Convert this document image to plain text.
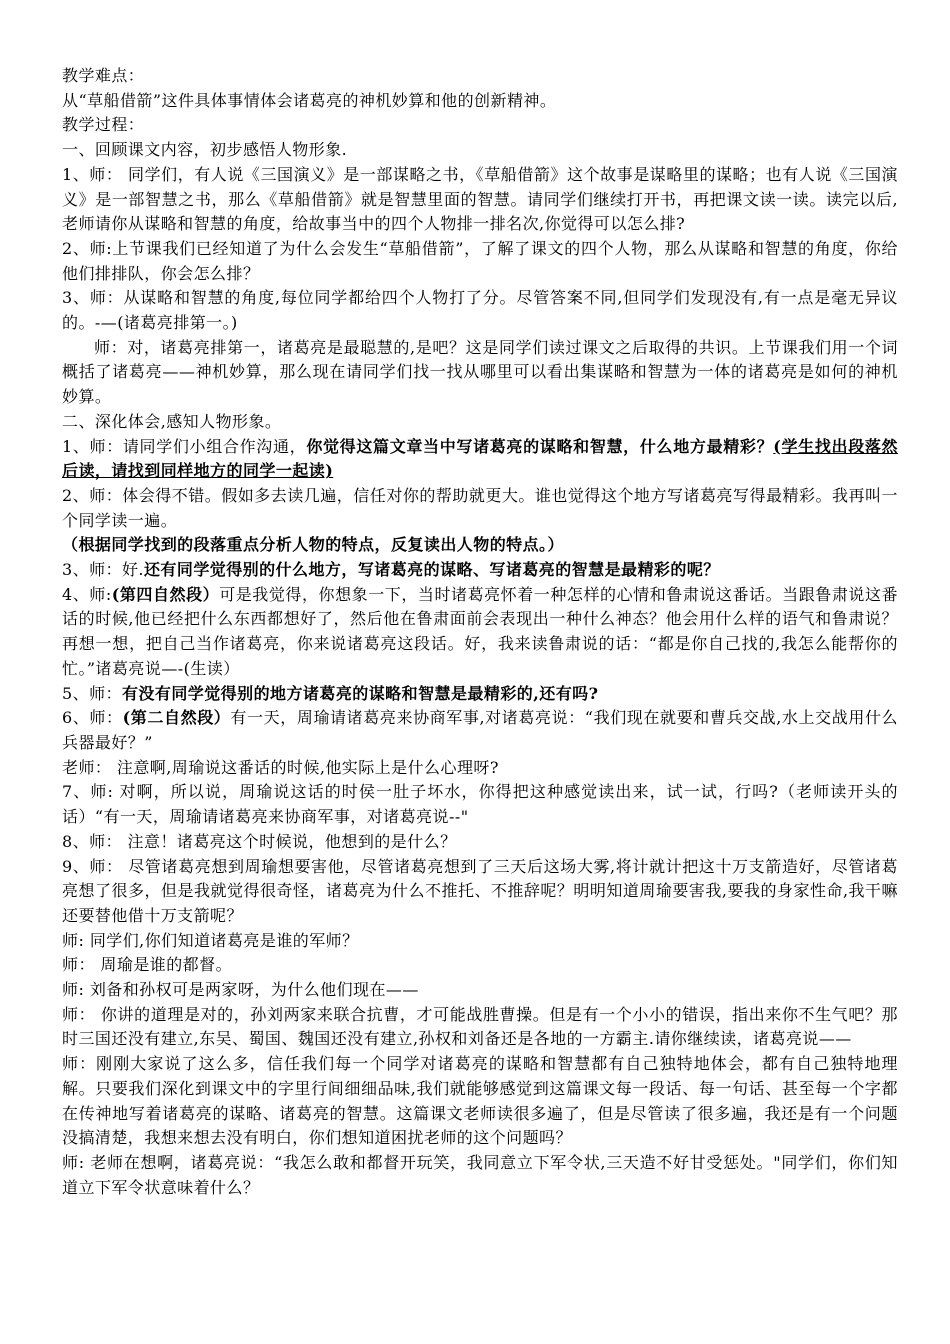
教学难点：

从“草船借箭”这件具体事情体会诸葛亮的神机妙算和他的创新精神。

教学过程：

一、回顾课文内容，初步感悟人物形象.

1、师： 同学们，有人说《三国演义》是一部谋略之书，《草船借箭》这个故事是谋略里的谋略；也有人说《三国演义》是一部智慧之书，那么《草船借箭》就是智慧里面的智慧。请同学们继续打开书，再把课文读一读。读完以后,老师请你从谋略和智慧的角度，给故事当中的四个人物排一排名次,你觉得可以怎么排?

2、师:上节课我们已经知道了为什么会发生“草船借箭”，了解了课文的四个人物，那么从谋略和智慧的角度，你给他们排排队，你会怎么排？

3、师：从谋略和智慧的角度,每位同学都给四个人物打了分。尽管答案不同,但同学们发现没有,有一点是毫无异议的。-—(诸葛亮排第一。)

师：对，诸葛亮排第一，诸葛亮是最聪慧的,是吧？这是同学们读过课文之后取得的共识。上节课我们用一个词概括了诸葛亮——神机妙算，那么现在请同学们找一找从哪里可以看出集谋略和智慧为一体的诸葛亮是如何的神机妙算。

二、深化体会,感知人物形象。

1、师：请同学们小组合作沟通，你觉得这篇文章当中写诸葛亮的谋略和智慧，什么地方最精彩？(学生找出段落然后读，请找到同样地方的同学一起读)

2、师：体会得不错。假如多去读几遍，信任对你的帮助就更大。谁也觉得这个地方写诸葛亮写得最精彩。我再叫一个同学读一遍。

（根据同学找到的段落重点分析人物的特点，反复读出人物的特点。）

3、师：好.还有同学觉得别的什么地方，写诸葛亮的谋略、写诸葛亮的智慧是最精彩的呢？

4、师:(第四自然段）可是我觉得，你想象一下，当时诸葛亮怀着一种怎样的心情和鲁肃说这番话。当跟鲁肃说这番话的时候,他已经把什么东西都想好了，然后他在鲁肃面前会表现出一种什么神态？他会用什么样的语气和鲁肃说？再想一想，把自己当作诸葛亮，你来说诸葛亮这段话。好，我来读鲁肃说的话：“都是你自己找的,我怎么能帮你的忙。”诸葛亮说—-(生读）

5、师：有没有同学觉得别的地方诸葛亮的谋略和智慧是最精彩的,还有吗?

6、师：(第二自然段）有一天，周瑜请诸葛亮来协商军事,对诸葛亮说：“我们现在就要和曹兵交战,水上交战用什么兵器最好？”

老师： 注意啊,周瑜说这番话的时候,他实际上是什么心理呀?

7、师: 对啊，所以说，周瑜说这话的时侯一肚子坏水，你得把这种感觉读出来，试一试，行吗?（老师读开头的话）“有一天，周瑜请诸葛亮来协商军事，对诸葛亮说--"

8、师： 注意！诸葛亮这个时候说，他想到的是什么？

9、师： 尽管诸葛亮想到周瑜想要害他，尽管诸葛亮想到了三天后这场大雾,将计就计把这十万支箭造好，尽管诸葛亮想了很多，但是我就觉得很奇怪，诸葛亮为什么不推托、不推辞呢？明明知道周瑜要害我,要我的身家性命,我干嘛还要替他借十万支箭呢？

师: 同学们,你们知道诸葛亮是谁的军师？

师： 周瑜是谁的都督。

师: 刘备和孙权可是两家呀，为什么他们现在——

师： 你讲的道理是对的，孙刘两家来联合抗曹，才可能战胜曹操。但是有一个小小的错误，指出来你不生气吧？那时三国还没有建立,东吴、蜀国、魏国还没有建立,孙权和刘备还是各地的一方霸主.请你继续读，诸葛亮说——

师：刚刚大家说了这么多，信任我们每一个同学对诸葛亮的谋略和智慧都有自己独特地体会，都有自己独特地理解。只要我们深化到课文中的字里行间细细品味,我们就能够感觉到这篇课文每一段话、每一句话、甚至每一个字都在传神地写着诸葛亮的谋略、诸葛亮的智慧。这篇课文老师读很多遍了，但是尽管读了很多遍，我还是有一个问题没搞清楚，我想来想去没有明白，你们想知道困扰老师的这个问题吗？

师: 老师在想啊，诸葛亮说：“我怎么敢和都督开玩笑，我同意立下军令状,三天造不好甘受惩处。"同学们，你们知道立下军令状意味着什么？
